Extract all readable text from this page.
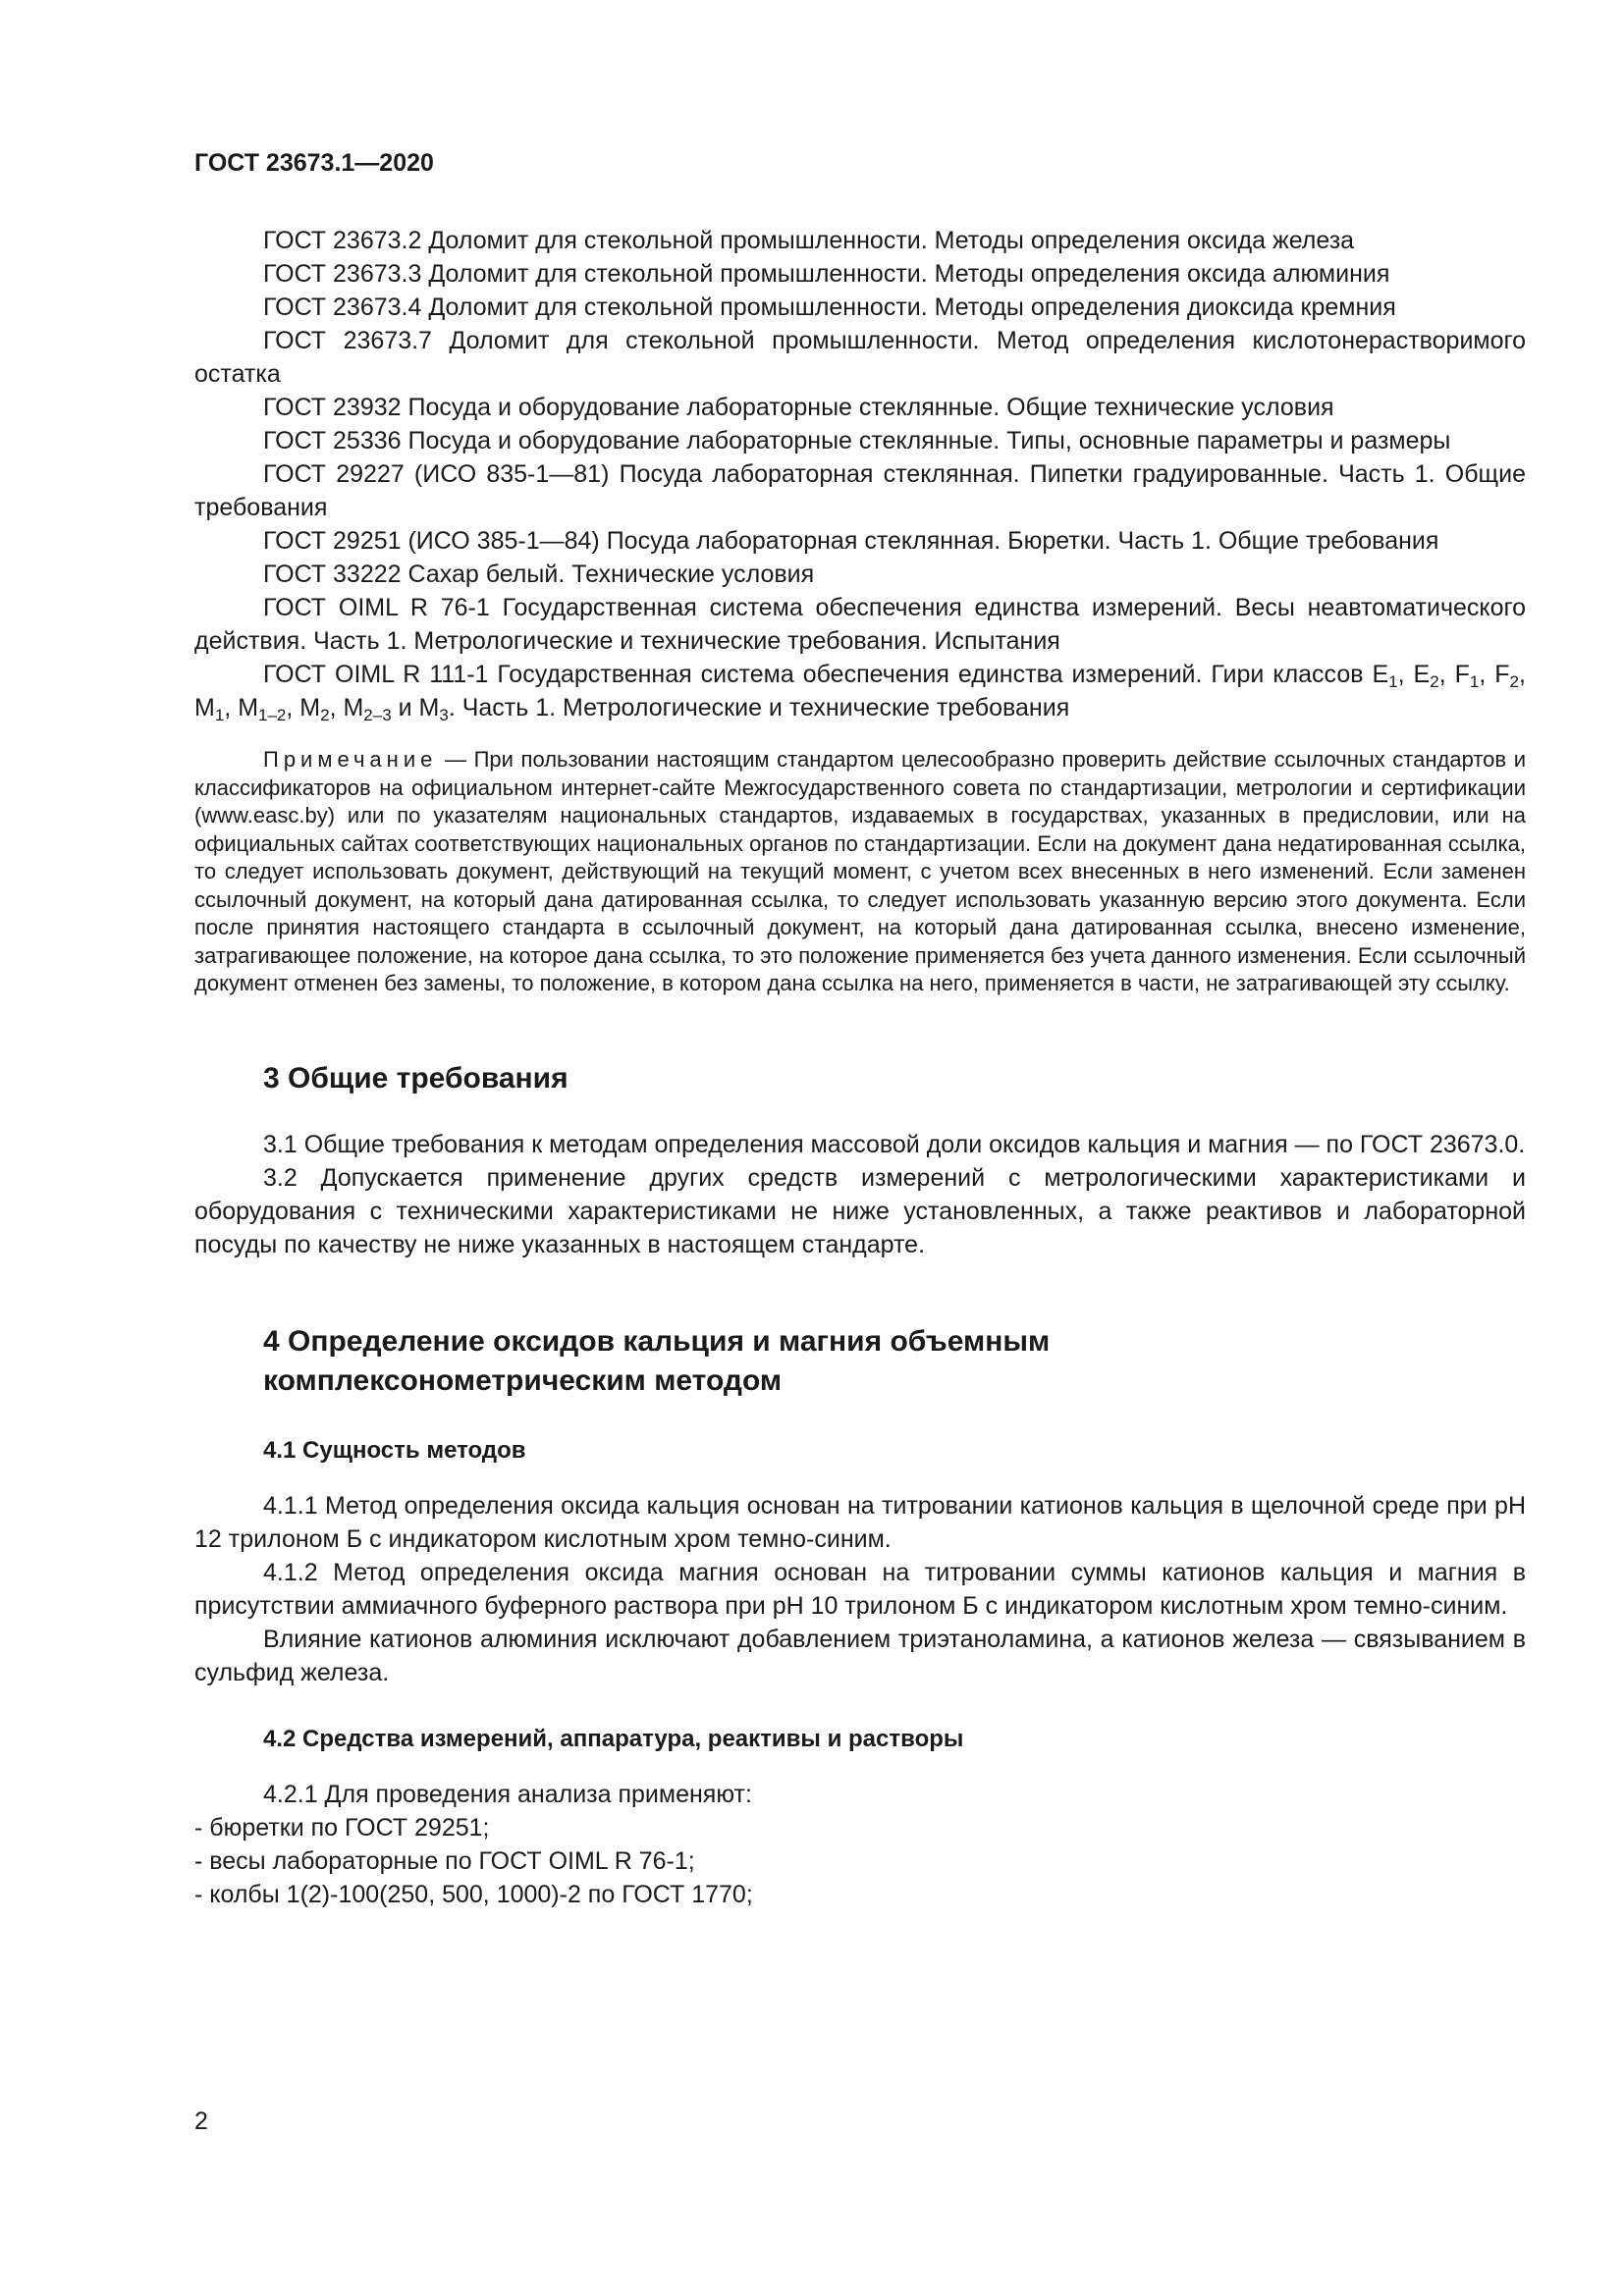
ГОСТ 23673.1—2020

ГОСТ 23673.2 Доломит для стекольной промышленности. Методы определения оксида железа

ГОСТ 23673.3 Доломит для стекольной промышленности. Методы определения оксида алюминия

ГОСТ 23673.4 Доломит для стекольной промышленности. Методы определения диоксида кремния

ГОСТ 23673.7 Доломит для стекольной промышленности. Метод определения кислотонерастворимого остатка

ГОСТ 23932 Посуда и оборудование лабораторные стеклянные. Общие технические условия

ГОСТ 25336 Посуда и оборудование лабораторные стеклянные. Типы, основные параметры и размеры

ГОСТ 29227 (ИСО 835-1—81) Посуда лабораторная стеклянная. Пипетки градуированные. Часть 1. Общие требования

ГОСТ 29251 (ИСО 385-1—84) Посуда лабораторная стеклянная. Бюретки. Часть 1. Общие требования

ГОСТ 33222 Сахар белый. Технические условия

ГОСТ OIML R 76-1 Государственная система обеспечения единства измерений. Весы неавтоматического действия. Часть 1. Метрологические и технические требования. Испытания

ГОСТ OIML R 111-1 Государственная система обеспечения единства измерений. Гири классов $E_1$, $E_2$, $F_1$, $F_2$, $M_1$, $M_{1-2}$, $M_2$, $M_{2-3}$ и $M_3$. Часть 1. Метрологические и технические требования

Примечание — При пользовании настоящим стандартом целесообразно проверить действие ссылочных стандартов и классификаторов на официальном интернет-сайте Межгосударственного совета по стандартизации, метрологии и сертификации (www.easc.by) или по указателям национальных стандартов, издаваемых в государствах, указанных в предисловии, или на официальных сайтах соответствующих национальных органов по стандартизации. Если на документ дана недатированная ссылка, то следует использовать документ, действующий на текущий момент, с учетом всех внесенных в него изменений. Если заменен ссылочный документ, на который дана датированная ссылка, то следует использовать указанную версию этого документа. Если после принятия настоящего стандарта в ссылочный документ, на который дана датированная ссылка, внесено изменение, затрагивающее положение, на которое дана ссылка, то это положение применяется без учета данного изменения. Если ссылочный документ отменен без замены, то положение, в котором дана ссылка на него, применяется в части, не затрагивающей эту ссылку.

3 Общие требования

3.1 Общие требования к методам определения массовой доли оксидов кальция и магния — по ГОСТ 23673.0.

3.2 Допускается применение других средств измерений с метрологическими характеристиками и оборудования с техническими характеристиками не ниже установленных, а также реактивов и лабораторной посуды по качеству не ниже указанных в настоящем стандарте.

4 Определение оксидов кальция и магния объемным
комплексонометрическим методом
4.1 Сущность методов

4.1.1 Метод определения оксида кальция основан на титровании катионов кальция в щелочной среде при pH 12 трилоном Б с индикатором кислотным хром темно-синим.

4.1.2 Метод определения оксида магния основан на титровании суммы катионов кальция и магния в присутствии аммиачного буферного раствора при pH 10 трилоном Б с индикатором кислотным хром темно-синим.

Влияние катионов алюминия исключают добавлением триэтаноламина, а катионов железа — связыванием в сульфид железа.

4.2 Средства измерений, аппаратура, реактивы и растворы

4.2.1 Для проведения анализа применяют:

- бюретки по ГОСТ 29251;

- весы лабораторные по ГОСТ OIML R 76-1;

- колбы 1(2)-100(250, 500, 1000)-2 по ГОСТ 1770;

2
